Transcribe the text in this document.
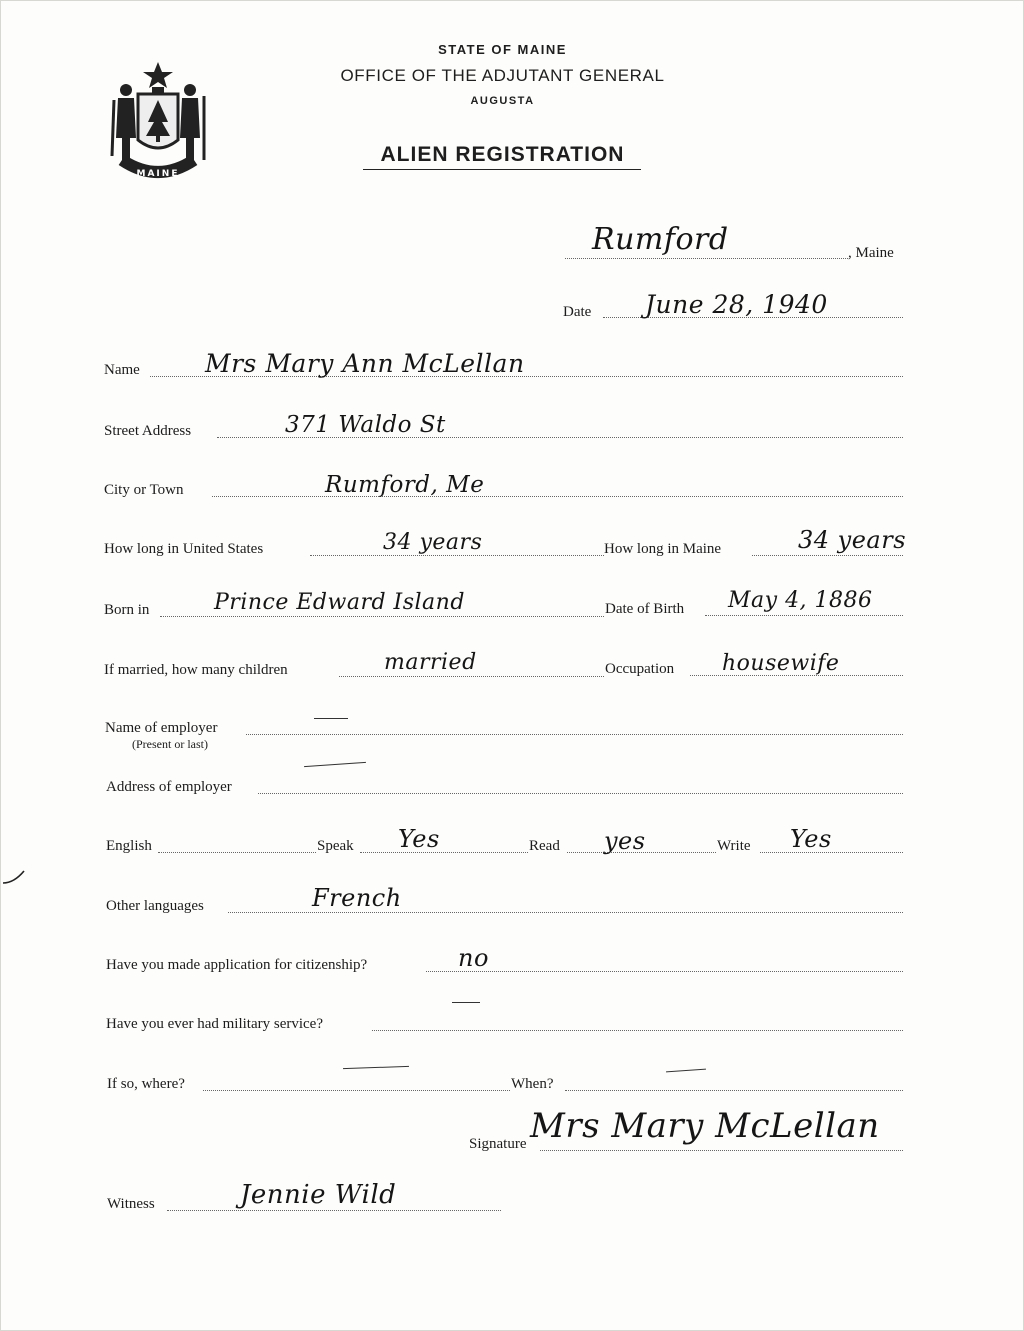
MAINE
STATE OF MAINE
OFFICE OF THE ADJUTANT GENERAL
AUGUSTA
ALIEN REGISTRATION
, Maine
Rumford
Date June 28, 1940
Name	Mrs Mary Ann McLellan
Street Address	371 Waldo St
City or Town	Rumford, Me
How long in United States	34 years	How long in Maine	34 years
Born in	Prince Edward Island	Date of Birth May 4, 1886
If married, how many children	married	Occupation housewife
Name of employer
(Present or last)
Address of employer
English	Speak Yes	Read yes	Write Yes
Other languages	French
Have you made application for citizenship?	no
Have you ever had military service?
If so, where?	When?
Signature Mrs Mary McLellan
Witness	Jennie Wild
